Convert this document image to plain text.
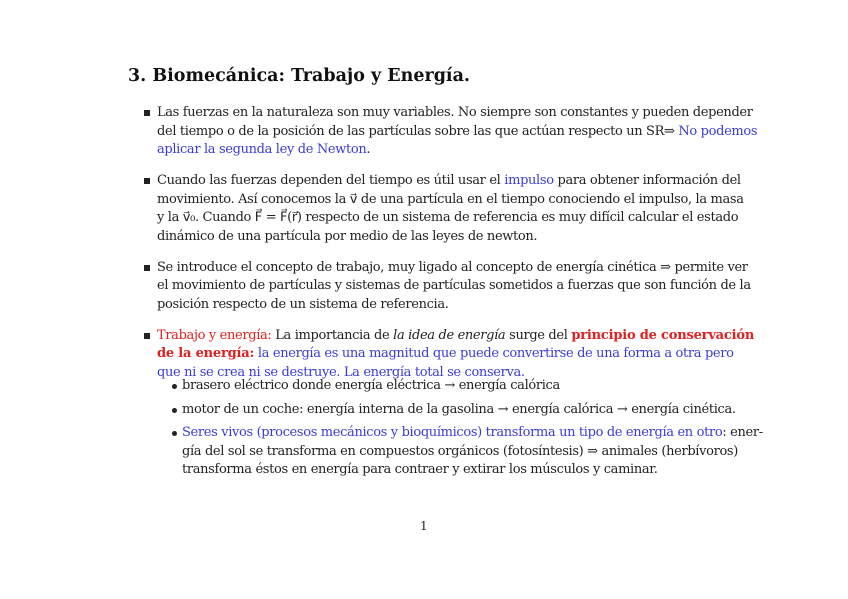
3. Biomecánica: Trabajo y Energía.
Las fuerzas en la naturaleza son muy variables. No siempre son constantes y pueden depender
del tiempo o de la posición de las partículas sobre las que actúan respecto un SR⇒ No podemos
aplicar la segunda ley de Newton.
Cuando las fuerzas dependen del tiempo es útil usar el impulso para obtener información del
movimiento. Así conocemos la v⃗ de una partícula en el tiempo conociendo el impulso, la masa
y la v⃗₀. Cuando F⃗ = F⃗(r⃗) respecto de un sistema de referencia es muy difícil calcular el estado
dinámico de una partícula por medio de las leyes de newton.
Se introduce el concepto de trabajo, muy ligado al concepto de energía cinética ⇒ permite ver
el movimiento de partículas y sistemas de partículas sometidos a fuerzas que son función de la
posición respecto de un sistema de referencia.
Trabajo y energía: La importancia de la idea de energía surge del principio de conservación
de la energía: la energía es una magnitud que puede convertirse de una forma a otra pero
que ni se crea ni se destruye. La energía total se conserva.
brasero eléctrico donde energía eléctrica → energía calórica
motor de un coche: energía interna de la gasolina → energía calórica → energía cinética.
Seres vivos (procesos mecánicos y bioquímicos) transforma un tipo de energía en otro: ener-
gía del sol se transforma en compuestos orgánicos (fotosíntesis) ⇒ animales (herbívoros)
transforma éstos en energía para contraer y extirar los músculos y caminar.
1
